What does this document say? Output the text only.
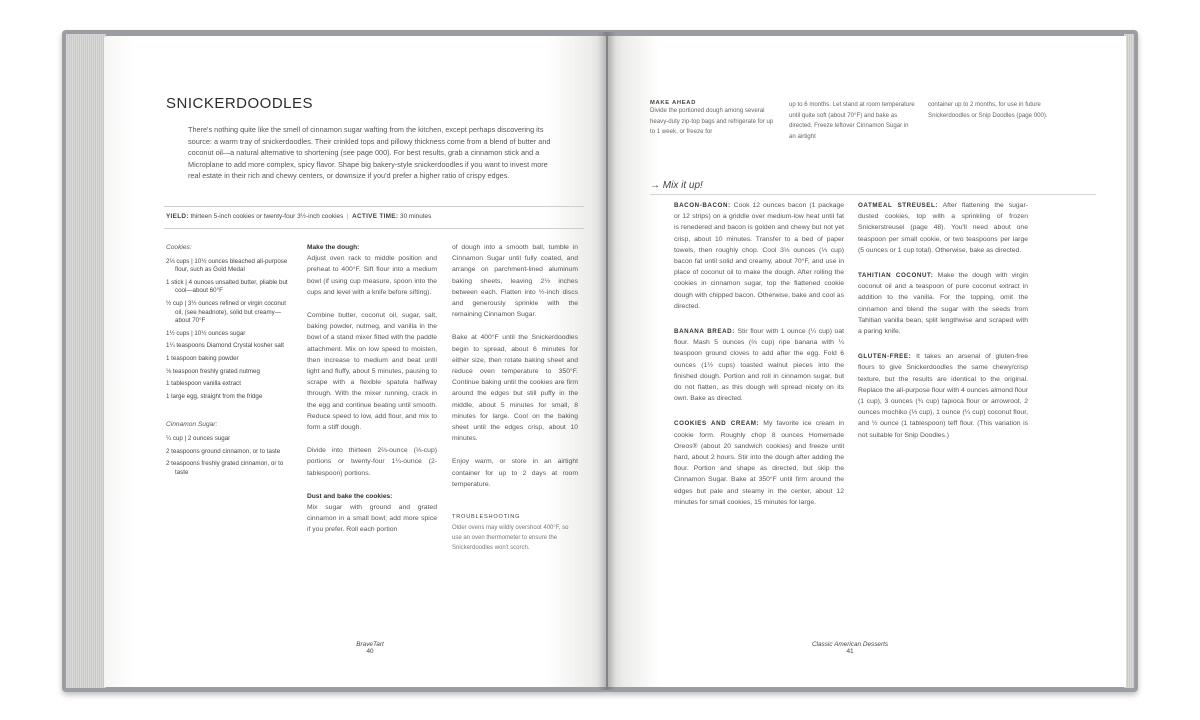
SNICKERDOODLES
There's nothing quite like the smell of cinnamon sugar wafting from the kitchen, except perhaps discovering its source: a warm tray of snickerdoodles. Their crinkled tops and pillowy thickness come from a blend of butter and coconut oil—a natural alternative to shortening (see page 000). For best results, grab a cinnamon stick and a Microplane to add more complex, spicy flavor. Shape big bakery-style snickerdoodles if you want to invest more real estate in their rich and chewy centers, or downsize if you'd prefer a higher ratio of crispy edges.
YIELD: thirteen 5-inch cookies or twenty-four 3½-inch cookies  |  ACTIVE TIME: 30 minutes
Cookies:
2⅓ cups | 10½ ounces bleached all-purpose flour, such as Gold Medal
1 stick | 4 ounces unsalted butter, pliable but cool—about 60°F
½ cup | 3½ ounces refined or virgin coconut oil, (see headnote), solid but creamy—about 70°F
1½ cups | 10½ ounces sugar
1¼ teaspoons Diamond Crystal kosher salt
1 teaspoon baking powder
⅛ teaspoon freshly grated nutmeg
1 tablespoon vanilla extract
1 large egg, straight from the fridge
Cinnamon Sugar:
¼ cup | 2 ounces sugar
2 teaspoons ground cinnamon, or to taste
2 teaspoons freshly grated cinnamon, or to taste
Make the dough:

Adjust oven rack to middle position and preheat to 400°F. Sift flour into a medium bowl (if using cup measure, spoon into the cups and level with a knife before sifting).

Combine butter, coconut oil, sugar, salt, baking powder, nutmeg, and vanilla in the bowl of a stand mixer fitted with the paddle attachment. Mix on low speed to moisten, then increase to medium and beat until light and fluffy, about 5 minutes, pausing to scrape with a flexible spatula halfway through. With the mixer running, crack in the egg and continue beating until smooth. Reduce speed to low, add flour, and mix to form a stiff dough.

Divide into thirteen 2⅔-ounce (⅓-cup) portions or twenty-four 1¼-ounce (2-tablespoon) portions.

Dust and bake the cookies:

Mix sugar with ground and grated cinnamon in a small bowl; add more spice if you prefer. Roll each portion

of dough into a smooth ball, tumble in Cinnamon Sugar until fully coated, and arrange on parchment-lined aluminum baking sheets, leaving 2½ inches between each. Flatten into ½-inch discs and generously sprinkle with the remaining Cinnamon Sugar.

Bake at 400°F until the Snickerdoodles begin to spread, about 6 minutes for either size, then rotate baking sheet and reduce oven temperature to 350°F. Continue baking until the cookies are firm around the edges but still puffy in the middle, about 5 minutes for small, 8 minutes for large. Cool on the baking sheet until the edges crisp, about 10 minutes.

Enjoy warm, or store in an airtight container for up to 2 days at room temperature.

TROUBLESHOOTING
Older ovens may wildly overshoot 400°F, so use an oven thermometer to ensure the Snickerdoodles won't scorch.
BraveTart
40
MAKE AHEAD
Divide the portioned dough among several heavy-duty zip-top bags and refrigerate for up to 1 week, or freeze for
up to 6 months. Let stand at room temperature until quite soft (about 70°F) and bake as directed. Freeze leftover Cinnamon Sugar in an airtight
container up to 2 months, for use in future Snickerdoodles or Snip Doodles (page 000).
→ Mix it up!

BACON-BACON: Cook 12 ounces bacon (1 package or 12 strips) on a griddle over medium-low heat until fat is renedered and bacon is golden and chewy but not yet crisp, about 10 minutes. Transfer to a bed of paper towels, then roughly chop. Cool 3⅓ ounces (⅓ cup) bacon fat until solid and creamy, about 70°F, and use in place of coconut oil to make the dough. After rolling the cookies in cinnamon sugar, top the flattened cookie dough with chipped bacon. Otherwise, bake and cool as directed.

BANANA BREAD: Stir flour with 1 ounce (¼ cup) oat flour. Mash 5 ounces (⅔ cup) ripe banana with ¼ teaspoon ground cloves to add after the egg. Fold 6 ounces (1½ cups) toasted walnut pieces into the finished dough. Portion and roll in cinnamon sugar, but do not flatten, as this dough will spread nicely on its own. Bake as directed.

COOKIES AND CREAM: My favorite ice cream in cookie form. Roughly chop 8 ounces Homemade Oreos® (about 20 sandwich cookies) and freeze until hard, about 2 hours. Stir into the dough after adding the flour. Portion and shape as directed, but skip the Cinnamon Sugar. Bake at 350°F until firm around the edges but pale and steamy in the center, about 12 minutes for small cookies, 15 minutes for large.

OATMEAL STREUSEL: After flattening the sugar-dusted cookies, top with a sprinkling of frozen Snickerstreusel (page 48). You'll need about one teaspoon per small cookie, or two teaspoons per large (5 ounces or 1 cup total). Otherwise, bake as directed.

TAHITIAN COCONUT: Make the dough with virgin coconut oil and a teaspoon of pure coconut extract in addition to the vanilla. For the topping, omit the cinnamon and blend the sugar with the seeds from Tahitian vanilla bean, split lengthwise and scraped with a paring knife.

GLUTEN-FREE: It takes an arsenal of gluten-free flours to give Snickerdoodles the same chewy/crisp texture, but the results are identical to the original. Replace the all-purpose flour with 4 ounces almond flour (1 cup), 3 ounces (¾ cup) tapioca flour or arrowroot, 2 ounces mochiko (⅓ cup), 1 ounce (¼ cup) coconut flour, and ½ ounce (1 tablespoon) teff flour. (This variation is not suitable for Snip Doodles.)

Classic American Desserts
41
